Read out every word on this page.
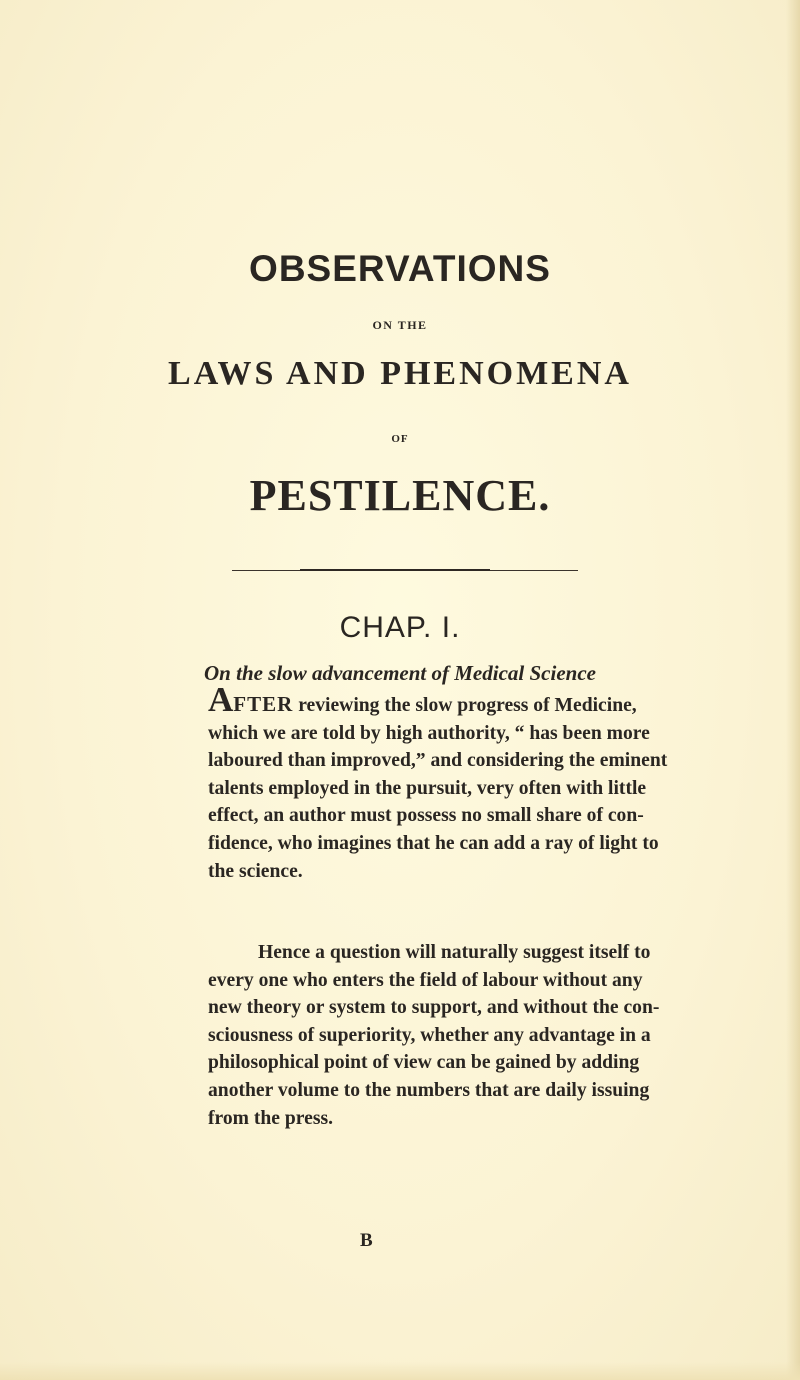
OBSERVATIONS
ON THE
LAWS AND PHENOMENA
OF
PESTILENCE.
CHAP. I.
On the slow advancement of Medical Science
AFTER reviewing the slow progress of Medicine,
which we are told by high authority, “ has been more
laboured than improved,” and considering the eminent
talents employed in the pursuit, very often with little
effect, an author must possess no small share of con-
fidence, who imagines that he can add a ray of light to
the science.
Hence a question will naturally suggest itself to
every one who enters the field of labour without any
new theory or system to support, and without the con-
sciousness of superiority, whether any advantage in a
philosophical point of view can be gained by adding
another volume to the numbers that are daily issuing
from the press.
B
